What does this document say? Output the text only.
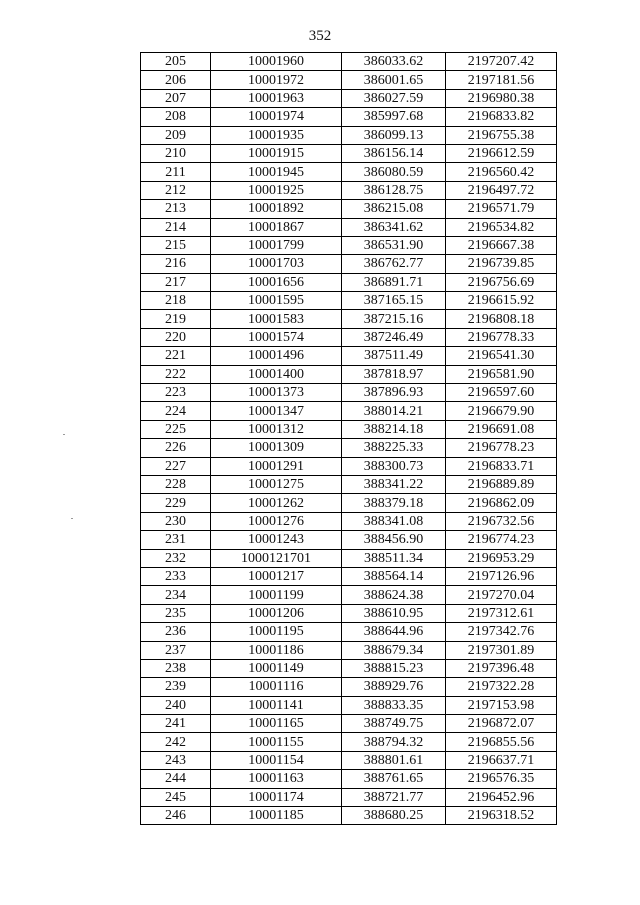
352
205	10001960	386033.62	2197207.42
206	10001972	386001.65	2197181.56
207	10001963	386027.59	2196980.38
208	10001974	385997.68	2196833.82
209	10001935	386099.13	2196755.38
210	10001915	386156.14	2196612.59
211	10001945	386080.59	2196560.42
212	10001925	386128.75	2196497.72
213	10001892	386215.08	2196571.79
214	10001867	386341.62	2196534.82
215	10001799	386531.90	2196667.38
216	10001703	386762.77	2196739.85
217	10001656	386891.71	2196756.69
218	10001595	387165.15	2196615.92
219	10001583	387215.16	2196808.18
220	10001574	387246.49	2196778.33
221	10001496	387511.49	2196541.30
222	10001400	387818.97	2196581.90
223	10001373	387896.93	2196597.60
224	10001347	388014.21	2196679.90
225	10001312	388214.18	2196691.08
226	10001309	388225.33	2196778.23
227	10001291	388300.73	2196833.71
228	10001275	388341.22	2196889.89
229	10001262	388379.18	2196862.09
230	10001276	388341.08	2196732.56
231	10001243	388456.90	2196774.23
232	1000121701	388511.34	2196953.29
233	10001217	388564.14	2197126.96
234	10001199	388624.38	2197270.04
235	10001206	388610.95	2197312.61
236	10001195	388644.96	2197342.76
237	10001186	388679.34	2197301.89
238	10001149	388815.23	2197396.48
239	10001116	388929.76	2197322.28
240	10001141	388833.35	2197153.98
241	10001165	388749.75	2196872.07
242	10001155	388794.32	2196855.56
243	10001154	388801.61	2196637.71
244	10001163	388761.65	2196576.35
245	10001174	388721.77	2196452.96
246	10001185	388680.25	2196318.52
